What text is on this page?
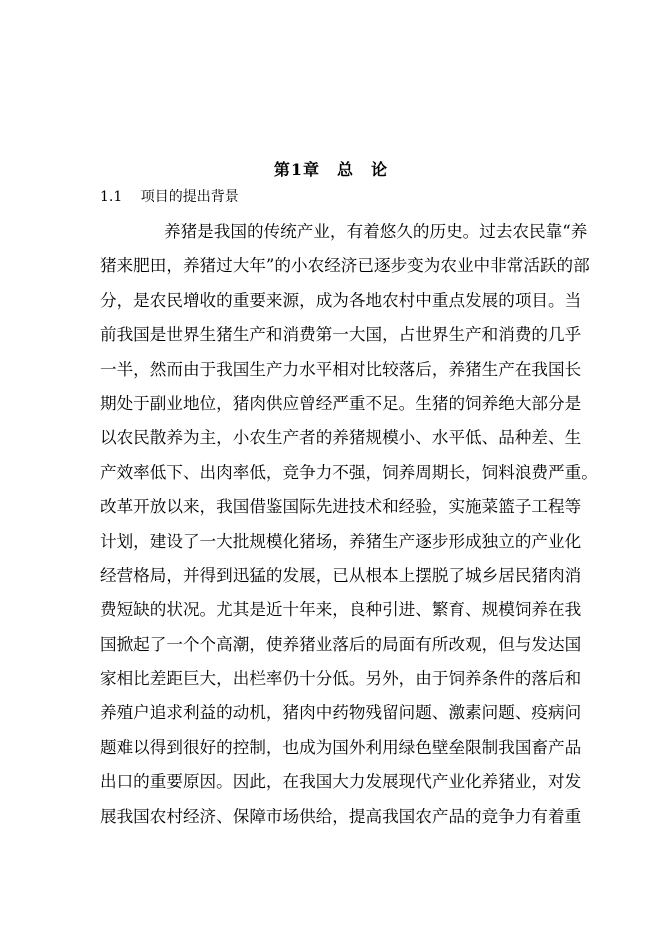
第1章　总　论
1.1　 项目的提出背景
养猪是我国的传统产业，有着悠久的历史。过去农民靠“养
猪来肥田，养猪过大年”的小农经济已逐步变为农业中非常活跃的部
分，是农民增收的重要来源，成为各地农村中重点发展的项目。当
前我国是世界生猪生产和消费第一大国，占世界生产和消费的几乎
一半，然而由于我国生产力水平相对比较落后，养猪生产在我国长
期处于副业地位，猪肉供应曾经严重不足。生猪的饲养绝大部分是
以农民散养为主，小农生产者的养猪规模小、水平低、品种差、生
产效率低下、出肉率低，竞争力不强，饲养周期长，饲料浪费严重。
改革开放以来，我国借鉴国际先进技术和经验，实施菜篮子工程等
计划，建设了一大批规模化猪场，养猪生产逐步形成独立的产业化
经营格局，并得到迅猛的发展，已从根本上摆脱了城乡居民猪肉消
费短缺的状况。尤其是近十年来，良种引进、繁育、规模饲养在我
国掀起了一个个高潮，使养猪业落后的局面有所改观，但与发达国
家相比差距巨大，出栏率仍十分低。另外，由于饲养条件的落后和
养殖户追求利益的动机，猪肉中药物残留问题、激素问题、疫病问
题难以得到很好的控制，也成为国外利用绿色壁垒限制我国畜产品
出口的重要原因。因此，在我国大力发展现代产业化养猪业，对发
展我国农村经济、保障市场供给，提高我国农产品的竞争力有着重
